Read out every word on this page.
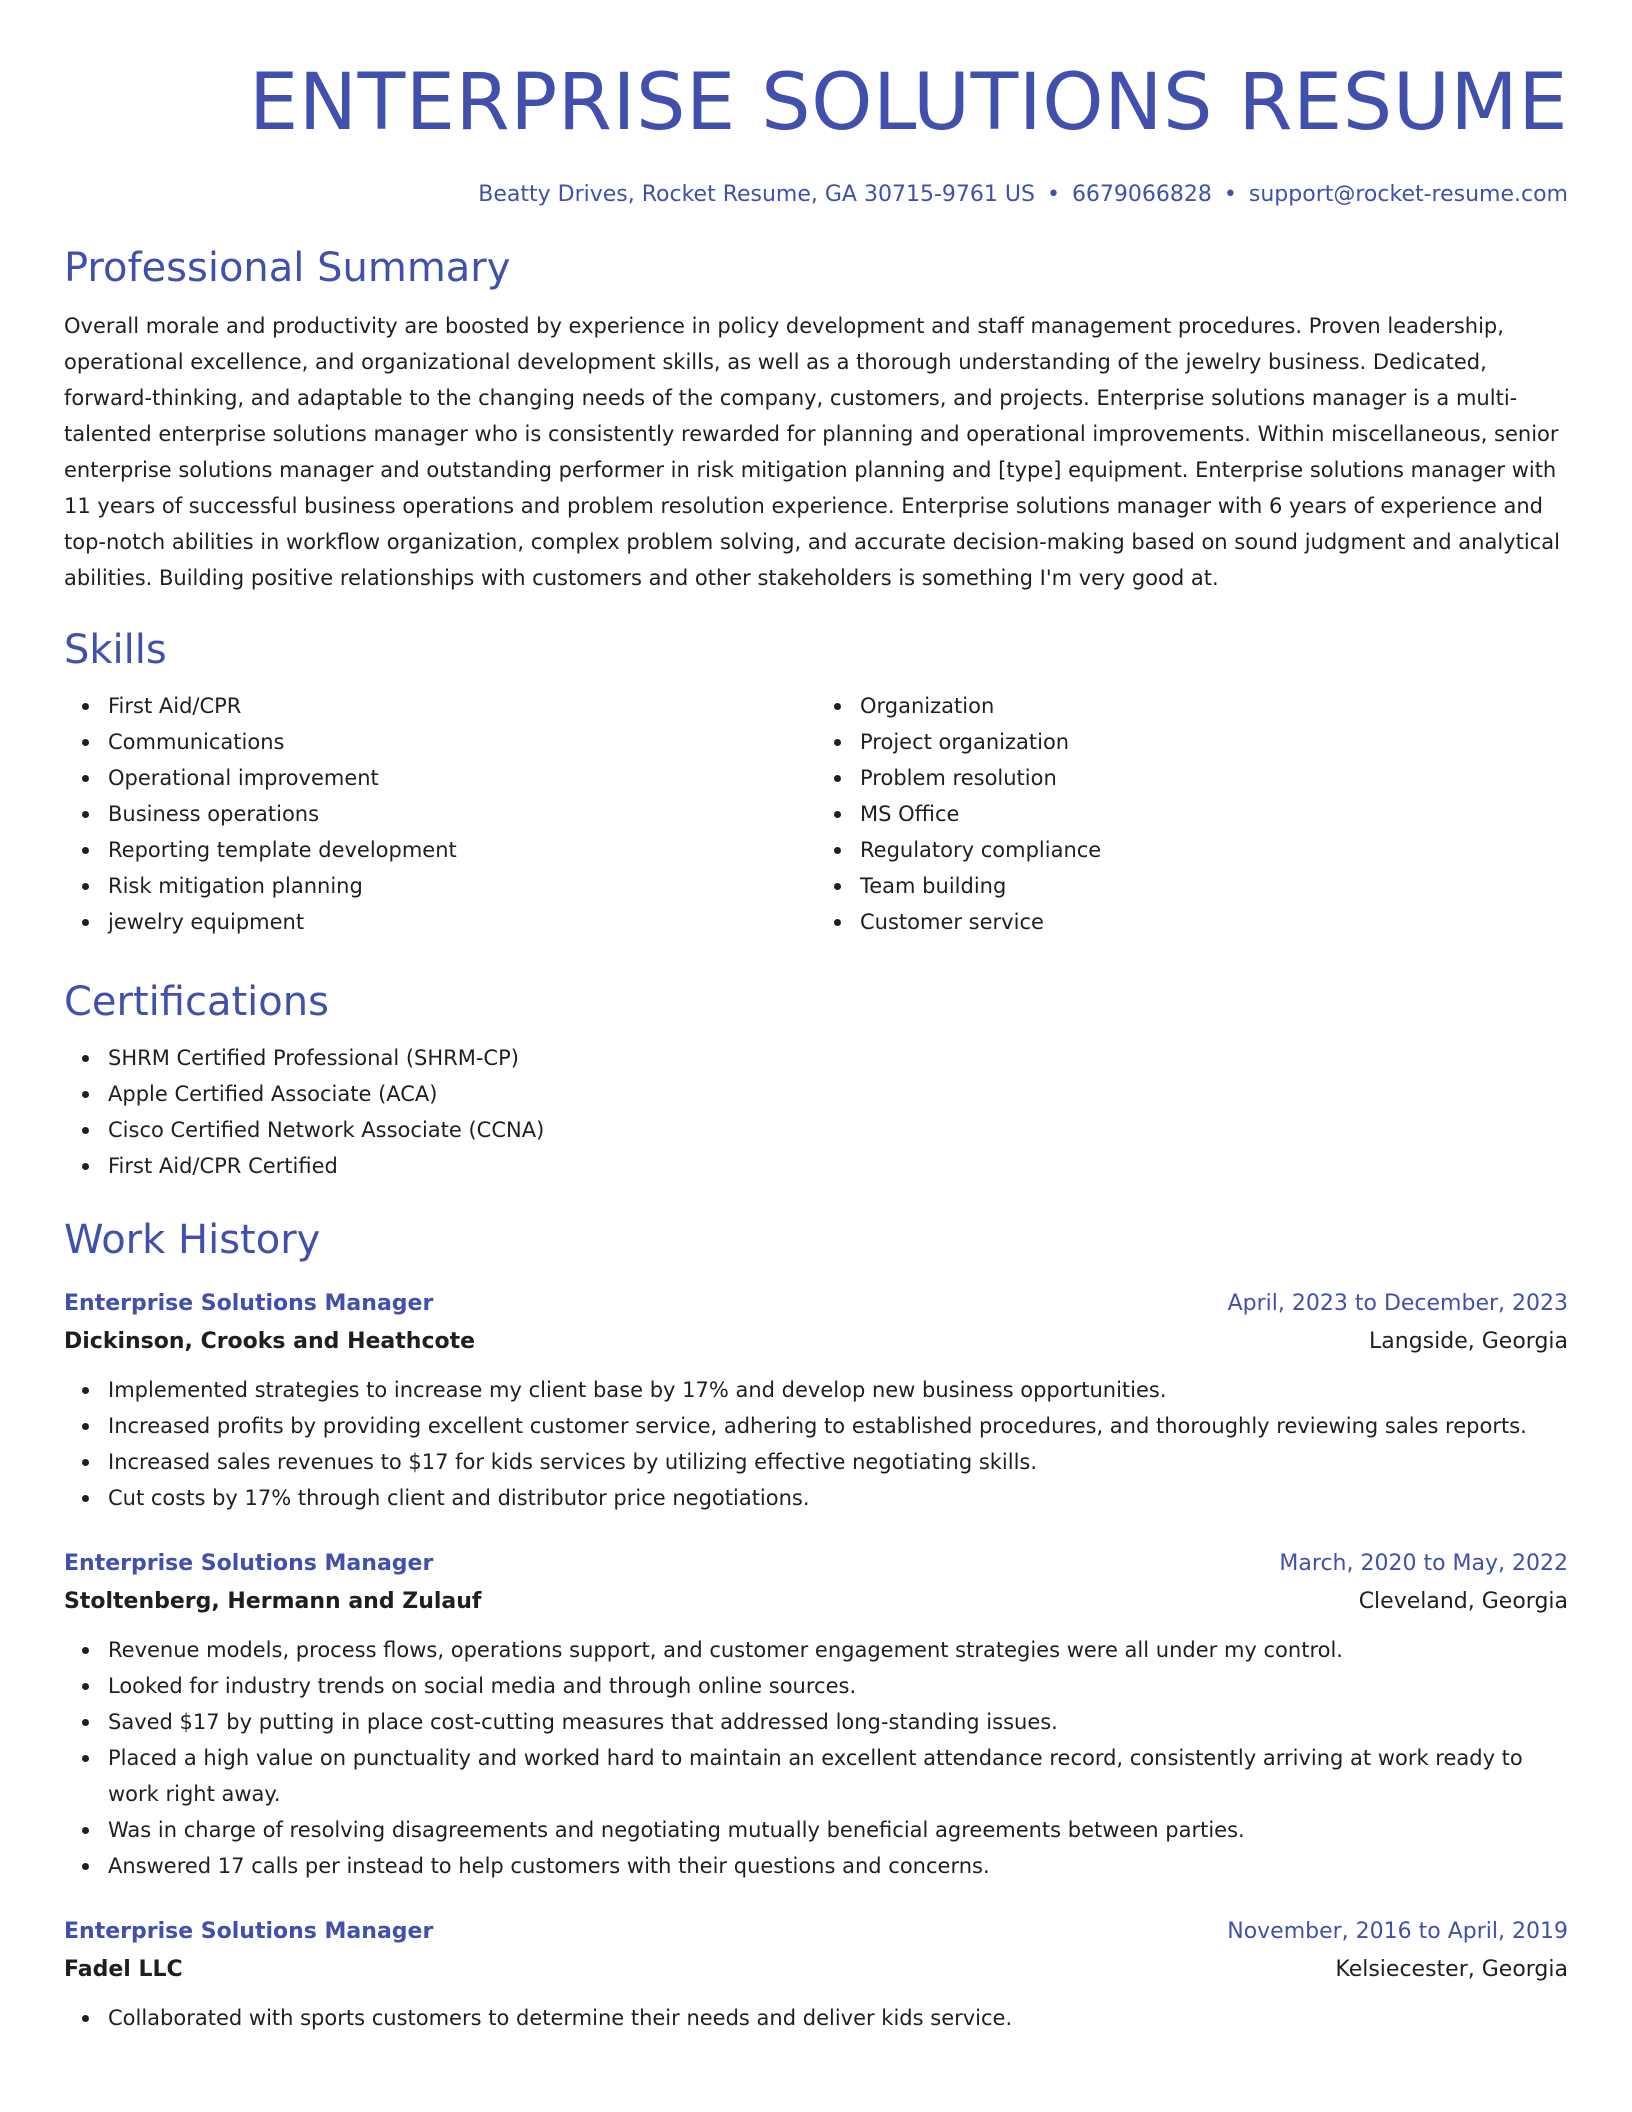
ENTERPRISE SOLUTIONS RESUME
Beatty Drives, Rocket Resume, GA 30715-9761 US • 6679066828 • support@rocket-resume.com
Professional Summary

Overall morale and productivity are boosted by experience in policy development and staff management procedures. Proven leadership, operational excellence, and organizational development skills, as well as a thorough understanding of the jewelry business. Dedicated, forward-thinking, and adaptable to the changing needs of the company, customers, and projects. Enterprise solutions manager is a multi-talented enterprise solutions manager who is consistently rewarded for planning and operational improvements. Within miscellaneous, senior enterprise solutions manager and outstanding performer in risk mitigation planning and [type] equipment. Enterprise solutions manager with 11 years of successful business operations and problem resolution experience. Enterprise solutions manager with 6 years of experience and top-notch abilities in workflow organization, complex problem solving, and accurate decision-making based on sound judgment and analytical abilities. Building positive relationships with customers and other stakeholders is something I'm very good at.

Skills
First Aid/CPR
Communications
Operational improvement
Business operations
Reporting template development
Risk mitigation planning
jewelry equipment
Organization
Project organization
Problem resolution
MS Office
Regulatory compliance
Team building
Customer service
Certifications
SHRM Certified Professional (SHRM-CP)
Apple Certified Associate (ACA)
Cisco Certified Network Associate (CCNA)
First Aid/CPR Certified
Work History
Enterprise Solutions Manager	April, 2023 to December, 2023
Dickinson, Crooks and Heathcote	Langside, Georgia
Implemented strategies to increase my client base by 17% and develop new business opportunities.
Increased profits by providing excellent customer service, adhering to established procedures, and thoroughly reviewing sales reports.
Increased sales revenues to $17 for kids services by utilizing effective negotiating skills.
Cut costs by 17% through client and distributor price negotiations.
Enterprise Solutions Manager	March, 2020 to May, 2022
Stoltenberg, Hermann and Zulauf	Cleveland, Georgia
Revenue models, process flows, operations support, and customer engagement strategies were all under my control.
Looked for industry trends on social media and through online sources.
Saved $17 by putting in place cost-cutting measures that addressed long-standing issues.
Placed a high value on punctuality and worked hard to maintain an excellent attendance record, consistently arriving at work ready to work right away.
Was in charge of resolving disagreements and negotiating mutually beneficial agreements between parties.
Answered 17 calls per instead to help customers with their questions and concerns.
Enterprise Solutions Manager	November, 2016 to April, 2019
Fadel LLC	Kelsiecester, Georgia
Collaborated with sports customers to determine their needs and deliver kids service.
